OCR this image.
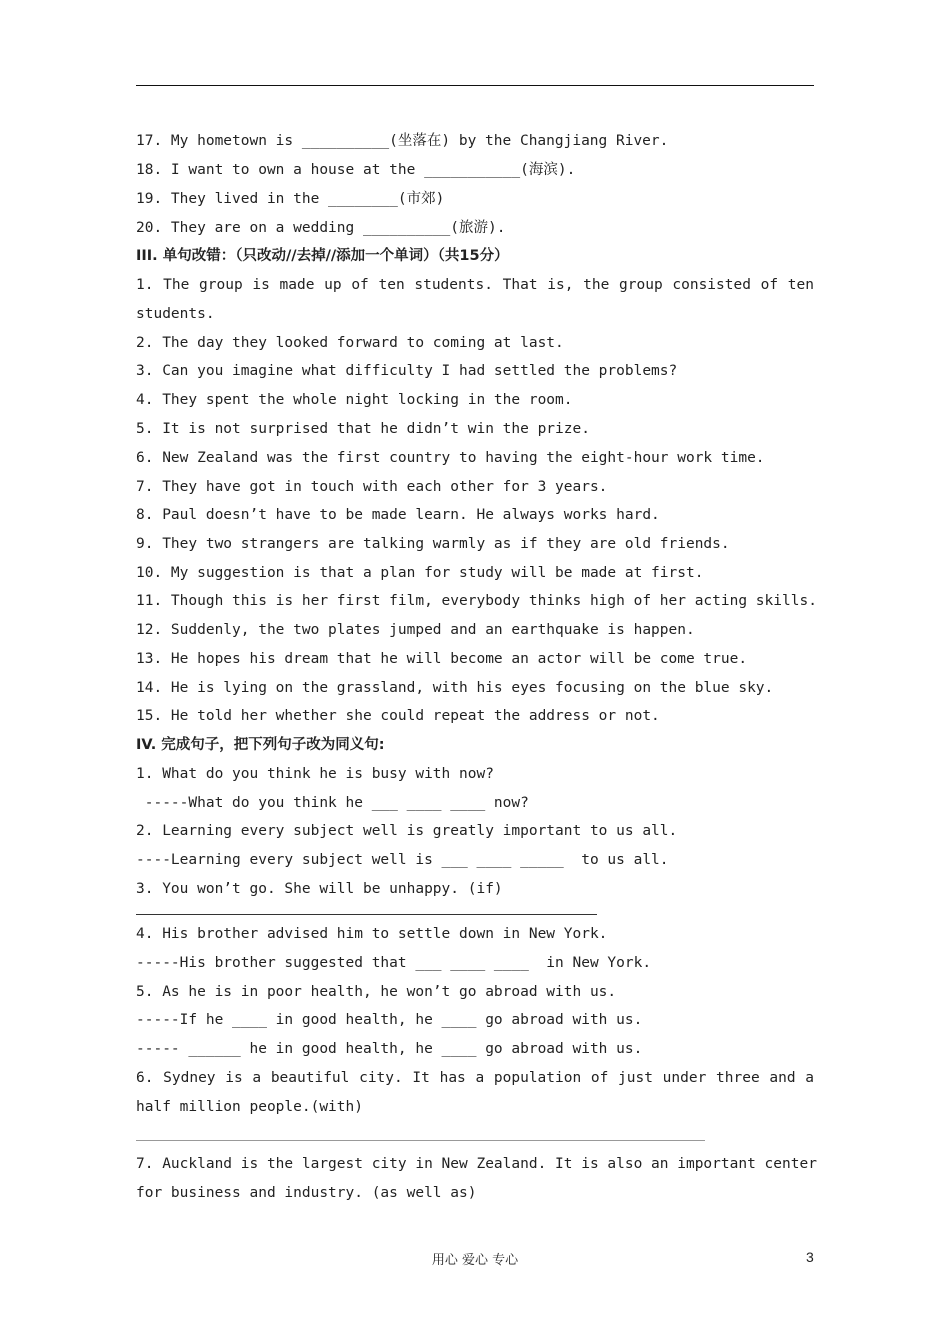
17. My hometown is __________(坐落在) by the Changjiang River.
18. I want to own a house at the ___________(海滨).
19. They lived in the ________(市郊)
20. They are on a wedding __________(旅游).
III. 单句改错：（只改动//去掉//添加一个单词）（共15分）
1. The group is made up of ten students. That is, the group consisted of ten
students.
2. The day they looked forward to coming at last.
3. Can you imagine what difficulty I had settled the problems?
4. They spent the whole night locking in the room.
5. It is not surprised that he didn’t win the prize.
6. New Zealand was the first country to having the eight-hour work time.
7. They have got in touch with each other for 3 years.
8. Paul doesn’t have to be made learn. He always works hard.
9. They two strangers are talking warmly as if they are old friends.
10. My suggestion is that a plan for study will be made at first.
11. Though this is her first film, everybody thinks high of her acting skills.
12. Suddenly, the two plates jumped and an earthquake is happen.
13. He hopes his dream that he will become an actor will be come true.
14. He is lying on the grassland, with his eyes focusing on the blue sky.
15. He told her whether she could repeat the address or not.
IV. 完成句子，把下列句子改为同义句:
1. What do you think he is busy with now?
-----What do you think he ___ ____ ____ now?
2. Learning every subject well is greatly important to us all.
----Learning every subject well is ___ ____ _____  to us all.
3. You won’t go. She will be unhappy. (if)
4. His brother advised him to settle down in New York.
-----His brother suggested that ___ ____ ____  in New York.
5. As he is in poor health, he won’t go abroad with us.
-----If he ____ in good health, he ____ go abroad with us.
----- ______ he in good health, he ____ go abroad with us.
6. Sydney is a beautiful city. It has a population of just under three and a
half million people.(with)
7. Auckland is the largest city in New Zealand. It is also an important center
for business and industry. (as well as)
用心 爱心 专心	3
